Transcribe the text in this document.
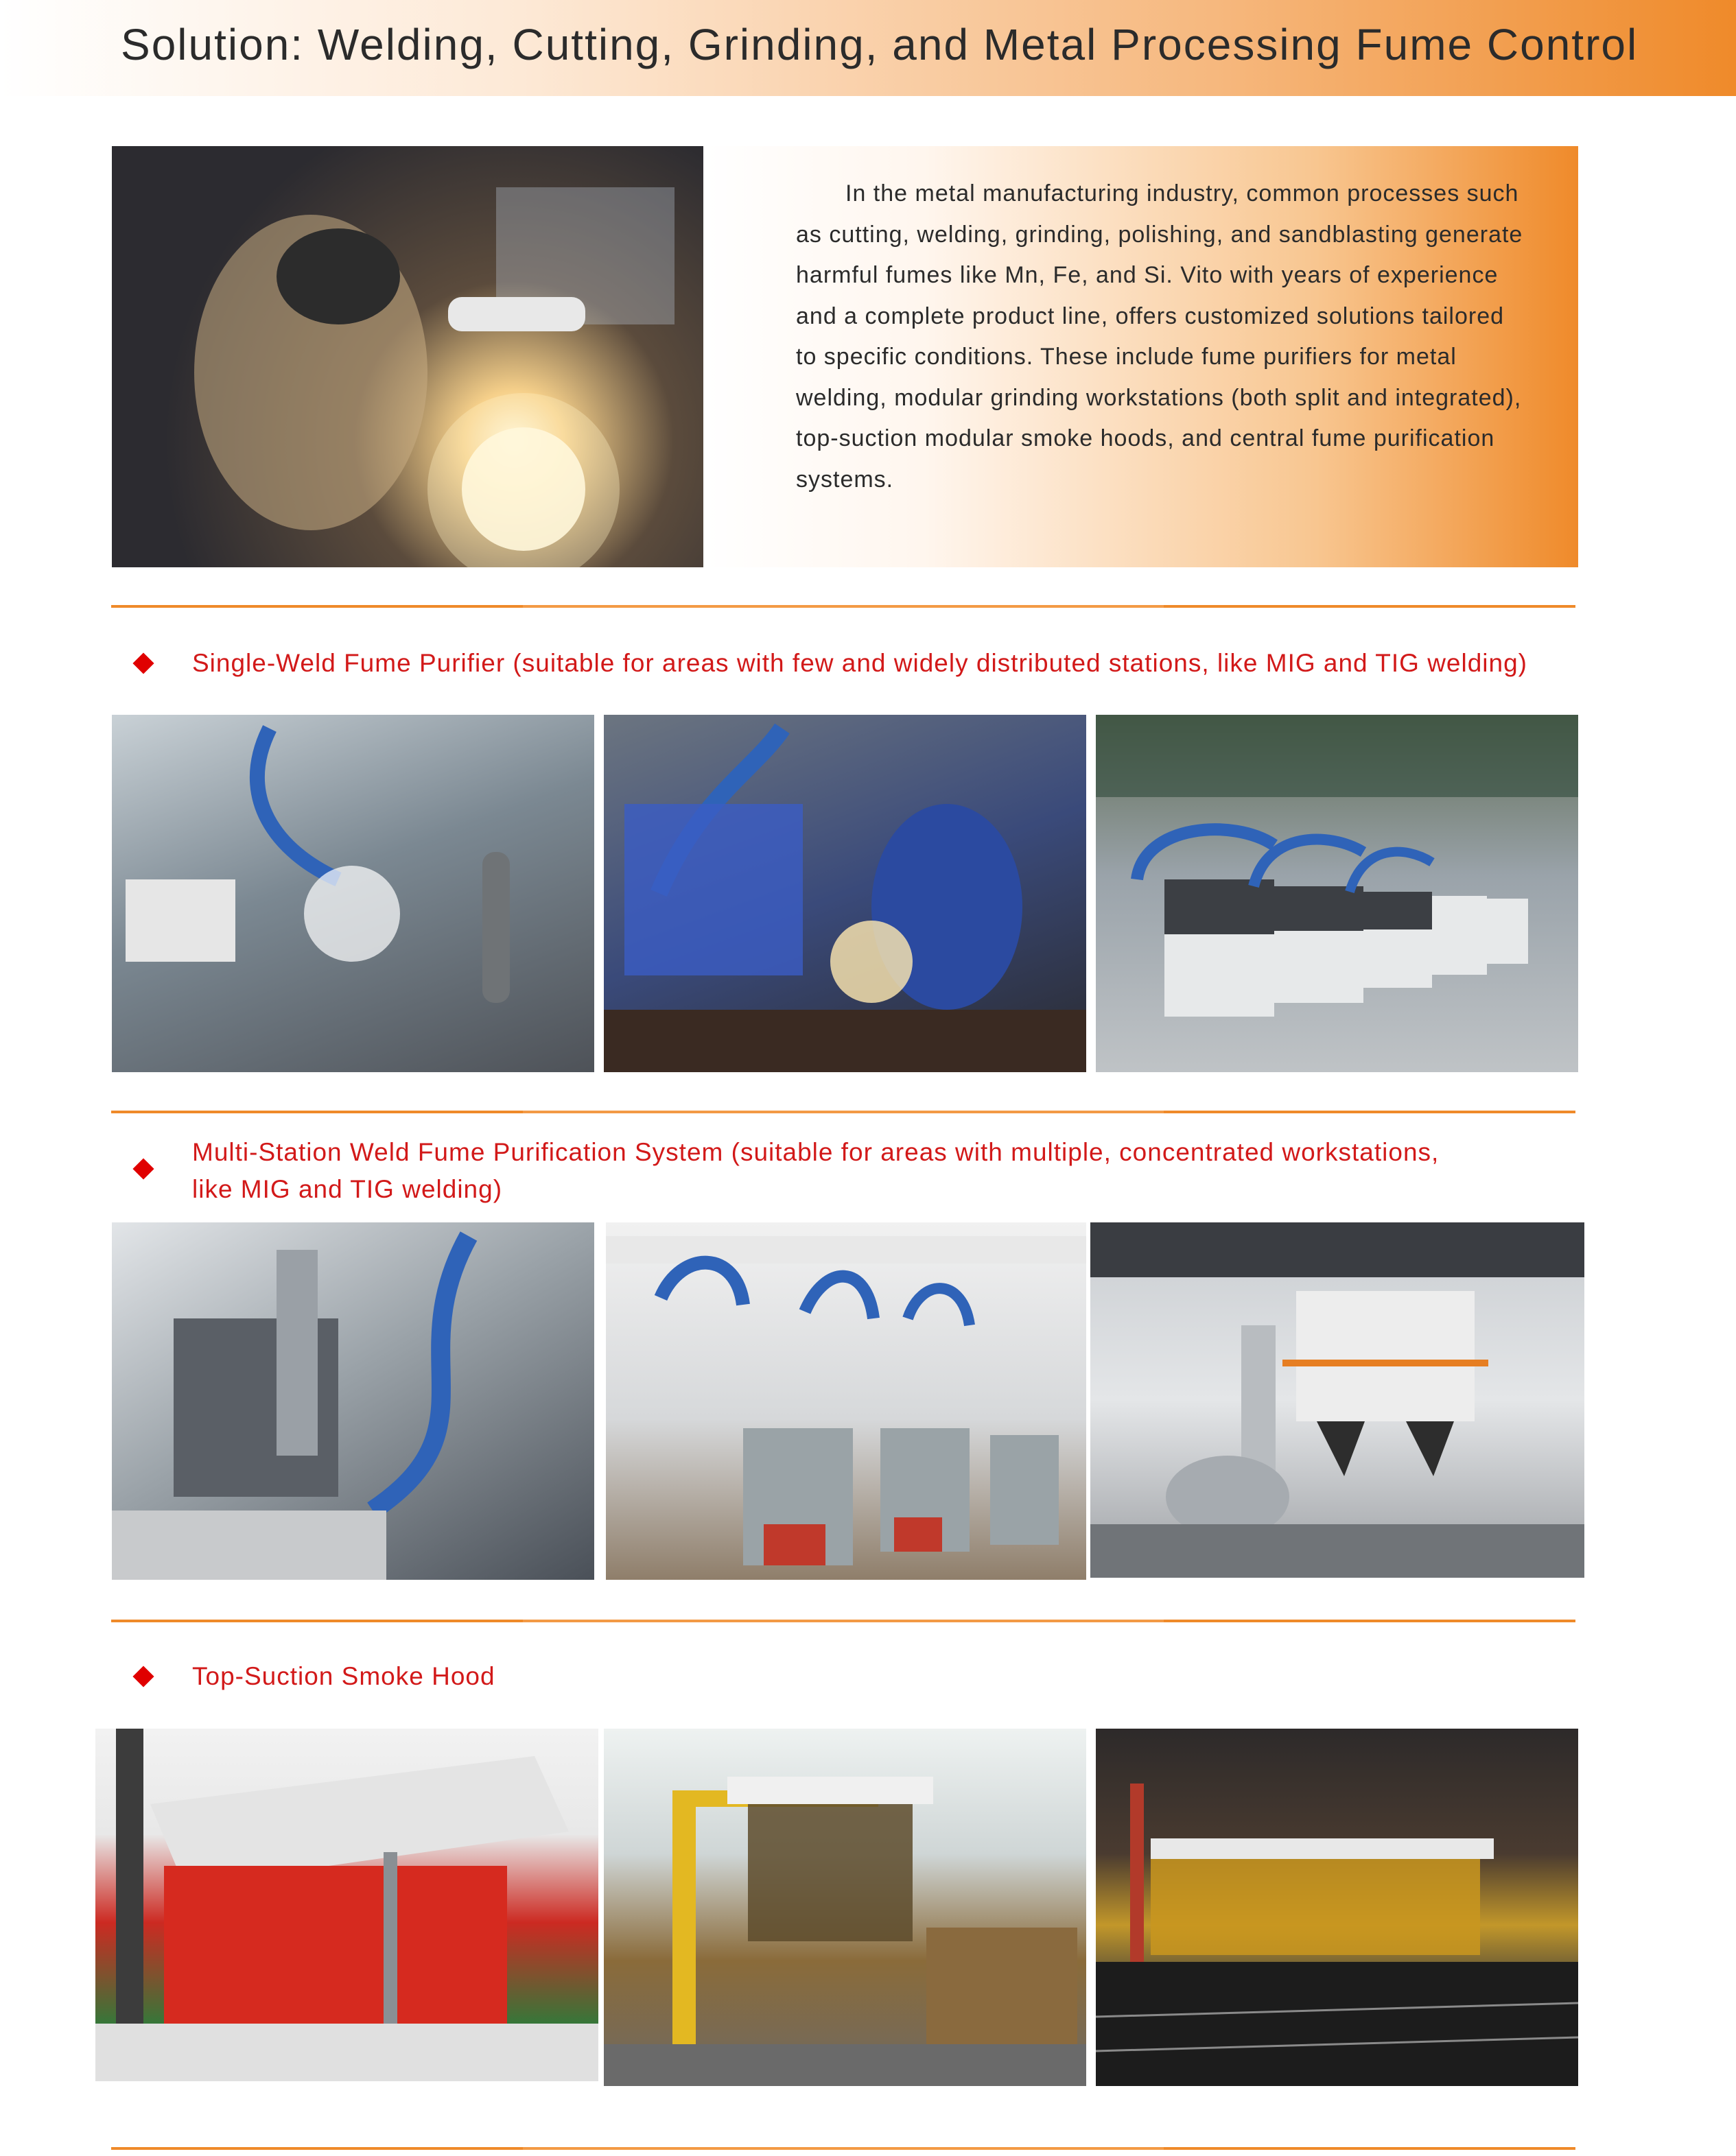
Solution: Welding, Cutting, Grinding, and Metal Processing Fume Control
In the metal manufacturing industry, common processes such as cutting, welding, grinding, polishing, and sandblasting generate harmful fumes like Mn, Fe, and Si. Vito with years of experience and a complete product line, offers customized solutions tailored to specific conditions. These include fume purifiers for metal welding, modular grinding workstations (both split and integrated), top-suction modular smoke hoods, and central fume purification systems.
Single-Weld Fume Purifier (suitable for areas with few and widely distributed stations, like MIG and TIG welding)
Multi-Station Weld Fume Purification System (suitable for areas with multiple, concentrated workstations,
like MIG and TIG welding)
Top-Suction Smoke Hood
